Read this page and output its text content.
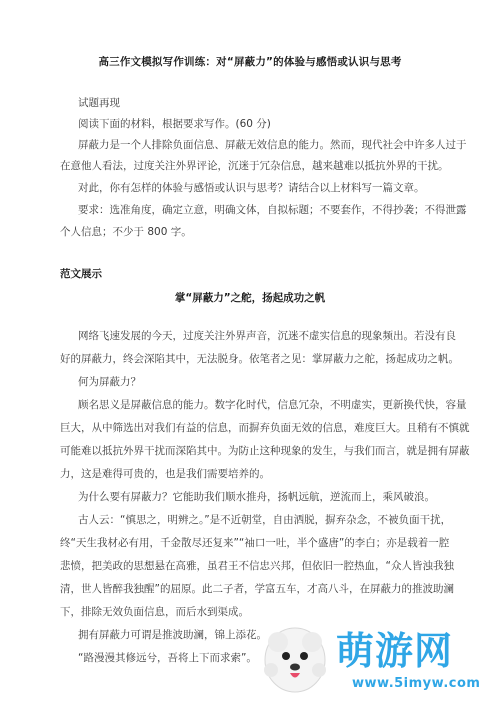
高三作文模拟写作训练：对“屏蔽力”的体验与感悟或认识与思考
试题再现
阅读下面的材料，根据要求写作。(60 分)
屏蔽力是一个人排除负面信息、屏蔽无效信息的能力。然而，现代社会中许多人过于
在意他人看法，过度关注外界评论，沉迷于冗杂信息，越来越难以抵抗外界的干扰。
对此，你有怎样的体验与感悟或认识与思考？请结合以上材料写一篇文章。
要求：选准角度，确定立意，明确文体，自拟标题；不要套作，不得抄袭；不得泄露
个人信息；不少于 800 字。
范文展示
掌“屏蔽力”之舵，扬起成功之帆
网络飞速发展的今天，过度关注外界声音，沉迷不虚实信息的现象频出。若没有良
好的屏蔽力，终会深陷其中，无法脱身。依笔者之见：掌屏蔽力之舵，扬起成功之帆。
何为屏蔽力？
顾名思义是屏蔽信息的能力。数字化时代，信息冗杂，不明虚实，更新换代快，容量
巨大，从中筛选出对我们有益的信息，而摒弃负面无效的信息，难度巨大。且稍有不慎就
可能难以抵抗外界干扰而深陷其中。为防止这种现象的发生，与我们而言，就是拥有屏蔽
力，这是难得可贵的，也是我们需要培养的。
为什么要有屏蔽力？它能助我们顺水推舟，扬帆远航，逆流而上，乘风破浪。
古人云：“慎思之，明辨之。”是不近朝堂，自由洒脱，摒弃杂念，不被负面干扰，
终“天生我材必有用，千金散尽还复来”“袖口一吐，半个盛唐”的李白；亦是载着一腔
悲愤，把美政的思想悬在高雅，虽君王不信忠兴邦，但依旧一腔热血，“众人皆浊我独
清，世人皆醉我独醒”的屈原。此二子者，学富五车，才高八斗，在屏蔽力的推波助澜
下，排除无效负面信息，而后水到渠成。
拥有屏蔽力可谓是推波助澜，锦上添花。
“路漫漫其修远兮，吾将上下而求索”。 萌游网
www.5imyw.com
